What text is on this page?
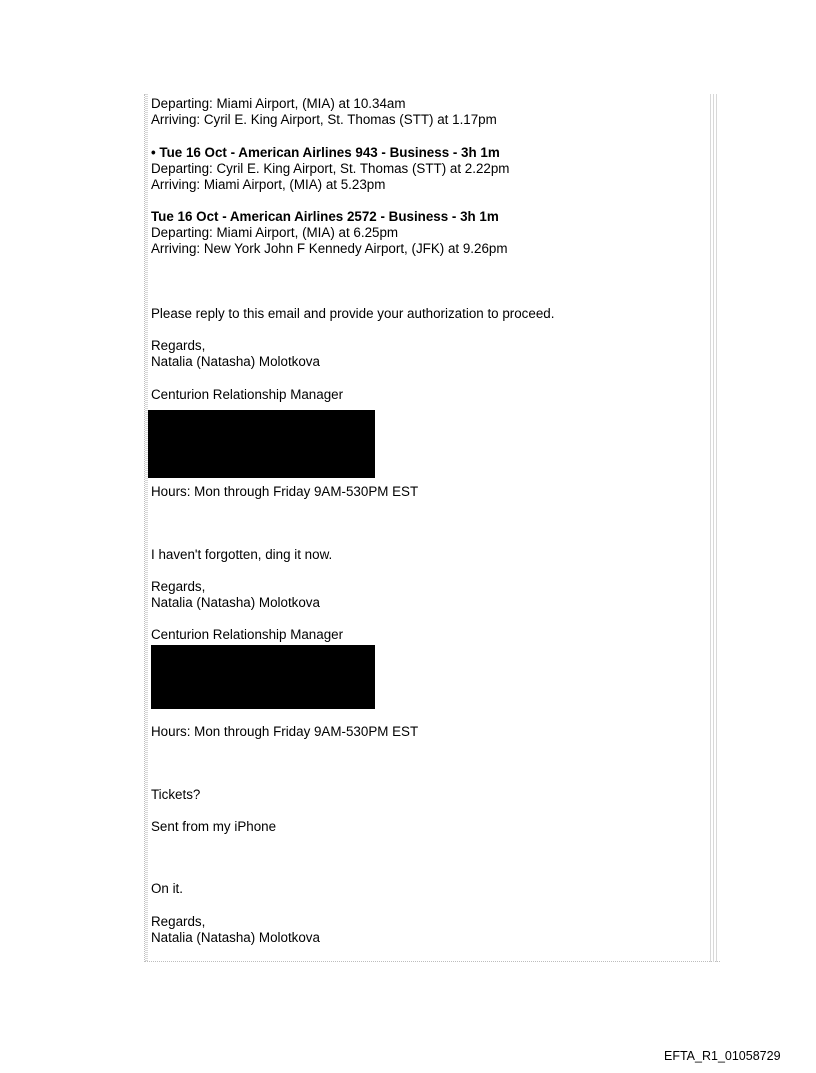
Departing: Miami Airport, (MIA) at 10.34am
Arriving: Cyril E. King Airport, St. Thomas (STT) at 1.17pm
• Tue 16 Oct - American Airlines 943 - Business - 3h 1m
Departing: Cyril E. King Airport, St. Thomas (STT) at 2.22pm
Arriving: Miami Airport, (MIA) at 5.23pm
Tue 16 Oct - American Airlines 2572 - Business - 3h 1m
Departing: Miami Airport, (MIA) at 6.25pm
Arriving: New York John F Kennedy Airport, (JFK) at 9.26pm
Please reply to this email and provide your authorization to proceed.
Regards,
Natalia (Natasha) Molotkova
Centurion Relationship Manager
Hours: Mon through Friday 9AM-530PM EST
I haven't forgotten, ding it now.
Regards,
Natalia (Natasha) Molotkova
Centurion Relationship Manager
Hours: Mon through Friday 9AM-530PM EST
Tickets?
Sent from my iPhone
On it.
Regards,
Natalia (Natasha) Molotkova
EFTA_R1_01058729
